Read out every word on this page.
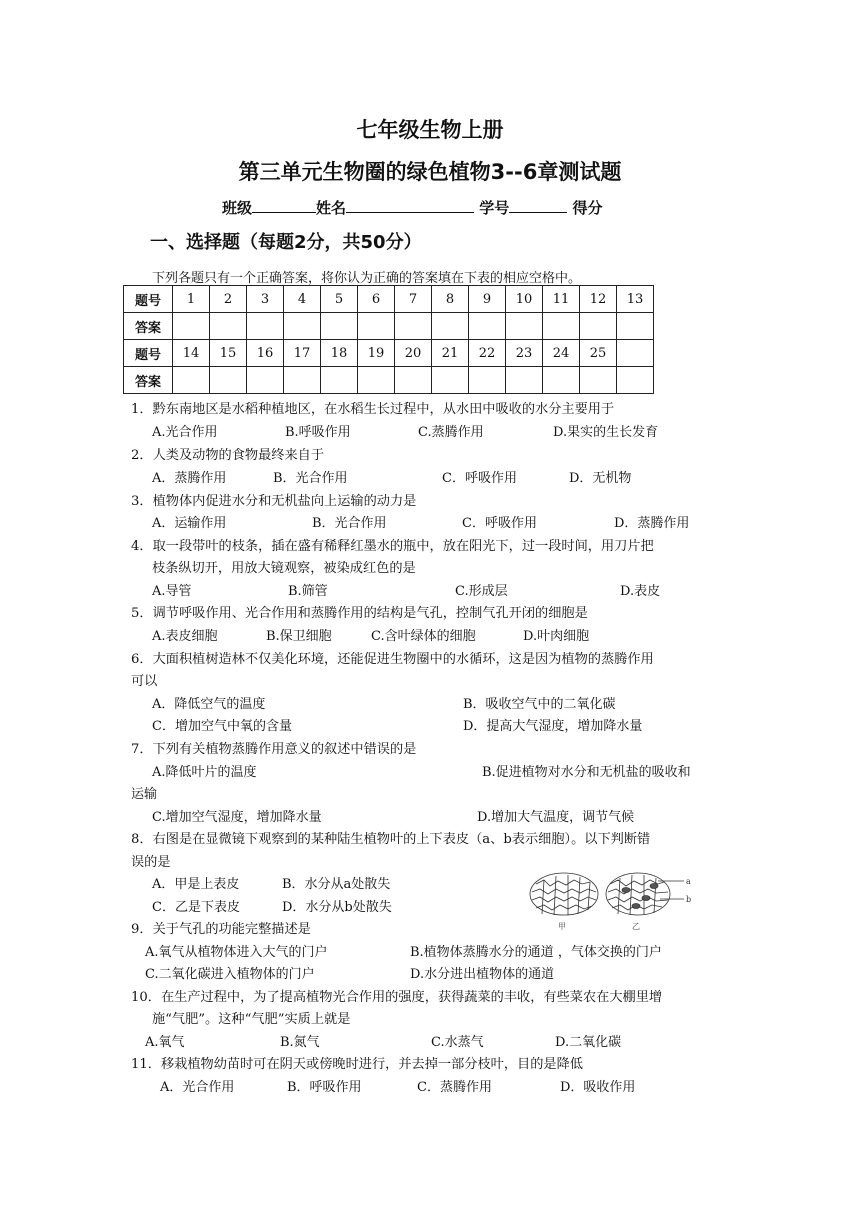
七年级生物上册
第三单元生物圈的绿色植物3--6章测试题
班级	姓名	学号	得分
一、选择题（每题2分，共50分）
下列各题只有一个正确答案，将你认为正确的答案填在下表的相应空格中。
题号	1	2	3	4	5	6	7	8	9	10	11	12	13
答案													
题号	14	15	16	17	18	19	20	21	22	23	24	25	
答案													
1．黔东南地区是水稻种植地区，在水稻生长过程中，从水田中吸收的水分主要用于
A.光合作用	B.呼吸作用	C.蒸腾作用	D.果实的生长发育
2．人类及动物的食物最终来自于
A．蒸腾作用	B．光合作用	C．呼吸作用	D．无机物
3．植物体内促进水分和无机盐向上运输的动力是
A．运输作用	B．光合作用	C．呼吸作用	D．蒸腾作用
4．取一段带叶的枝条，插在盛有稀释红墨水的瓶中，放在阳光下，过一段时间，用刀片把
枝条纵切开，用放大镜观察，被染成红色的是
A.导管	B.筛管	C.形成层	D.表皮
5．调节呼吸作用、光合作用和蒸腾作用的结构是气孔，控制气孔开闭的细胞是
A.表皮细胞	B.保卫细胞	C.含叶绿体的细胞	D.叶肉细胞
6．大面积植树造林不仅美化环境，还能促进生物圈中的水循环，这是因为植物的蒸腾作用
可以
A．降低空气的温度	B．吸收空气中的二氧化碳
C．增加空气中氧的含量	D．提高大气湿度，增加降水量
7．下列有关植物蒸腾作用意义的叙述中错误的是
A.降低叶片的温度	B.促进植物对水分和无机盐的吸收和
运输
C.增加空气湿度，增加降水量	D.增加大气温度，调节气候
8．右图是在显微镜下观察到的某种陆生植物叶的上下表皮（a、b表示细胞）。以下判断错
误的是
A．甲是上表皮	B．水分从a处散失
C．乙是下表皮	D．水分从b处散失
a
b
甲	乙
9．关于气孔的功能完整描述是
A.氧气从植物体进入大气的门户	B.植物体蒸腾水分的通道 ，气体交换的门户
C.二氧化碳进入植物体的门户	D.水分进出植物体的通道
10．在生产过程中，为了提高植物光合作用的强度，获得蔬菜的丰收，有些菜农在大棚里增
施“气肥”。这种“气肥”实质上就是
A.氧气	B.氮气	C.水蒸气	D.二氧化碳
11．移栽植物幼苗时可在阴天或傍晚时进行，并去掉一部分枝叶，目的是降低
A．光合作用	B．呼吸作用	C．蒸腾作用	D．吸收作用
